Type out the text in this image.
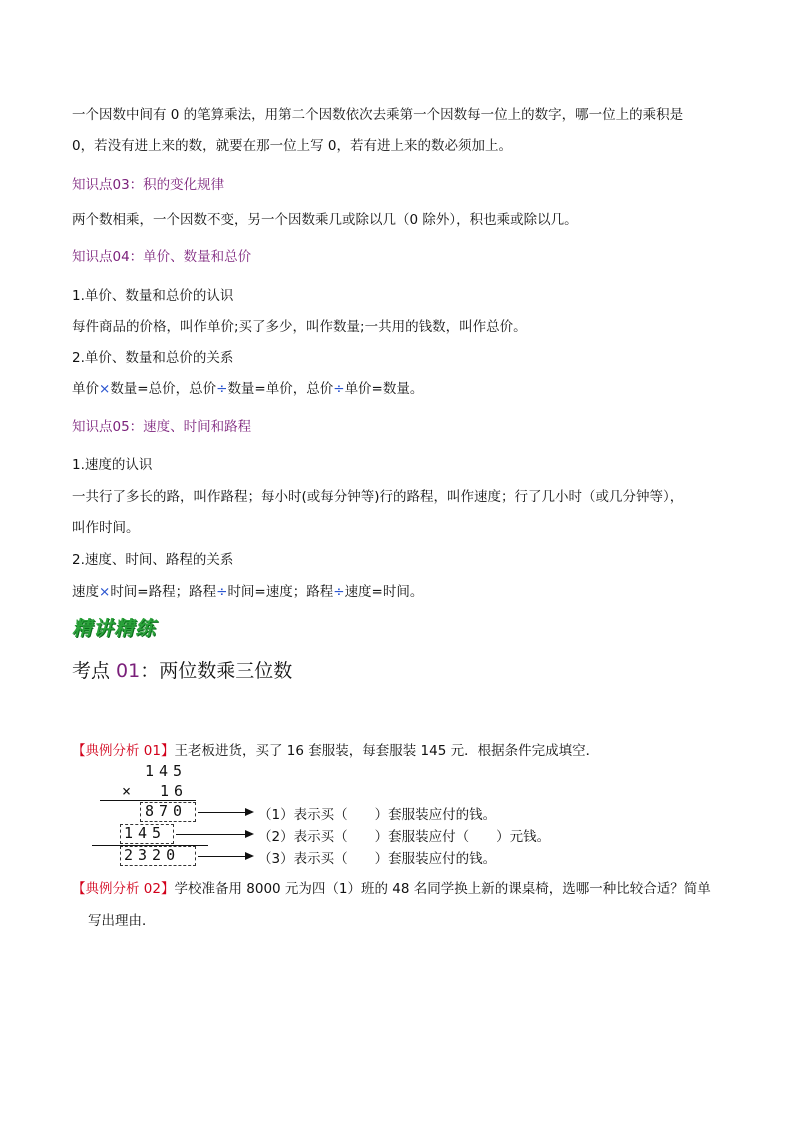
一个因数中间有 0 的笔算乘法，用第二个因数依次去乘第一个因数每一位上的数字，哪一位上的乘积是
0，若没有进上来的数，就要在那一位上写 0，若有进上来的数必须加上。
知识点03：积的变化规律
两个数相乘，一个因数不变，另一个因数乘几或除以几（0 除外），积也乘或除以几。
知识点04：单价、数量和总价
1.单价、数量和总价的认识
每件商品的价格，叫作单价;买了多少，叫作数量;一共用的钱数，叫作总价。
2.单价、数量和总价的关系
单价×数量=总价，总价÷数量=单价，总价÷单价=数量。
知识点05：速度、时间和路程
1.速度的认识
一共行了多长的路，叫作路程；每小时(或每分钟等)行的路程，叫作速度；行了几小时（或几分钟等），
叫作时间。
2.速度、时间、路程的关系
速度×时间=路程；路程÷时间=速度；路程÷速度=时间。
精讲精练
考点 01：两位数乘三位数
【典例分析 01】王老板进货，买了 16 套服装，每套服装 145 元．根据条件完成填空．
145
× 16
870
145
2320
（1）表示买（　　）套服装应付的钱。
（2）表示买（　　）套服装应付（　　）元钱。
（3）表示买（　　）套服装应付的钱。
【典例分析 02】学校准备用 8000 元为四（1）班的 48 名同学换上新的课桌椅，选哪一种比较合适？简单
写出理由．
